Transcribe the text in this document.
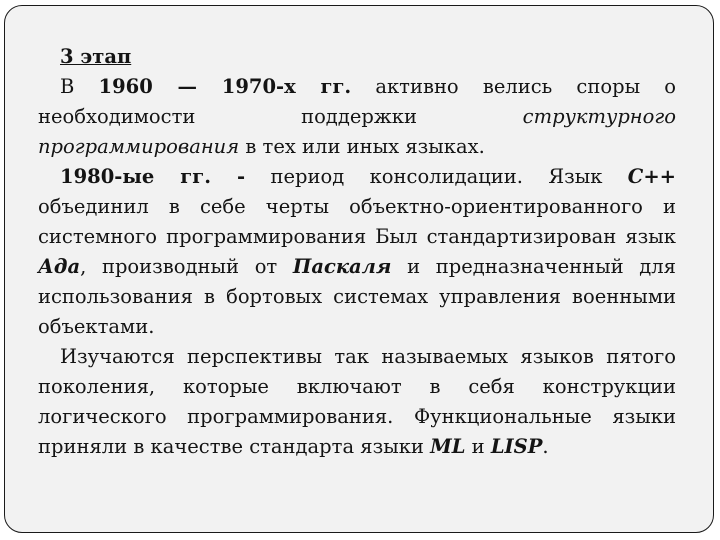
3 этап

В 1960 — 1970-х гг. активно велись споры о необходимости поддержки структурного программирования в тех или иных языках.

1980-ые гг. - период консолидации. Язык C++ объединил в себе черты объектно-ориентированного и системного программирования Был стандартизирован язык Ада, производный от Паскаля и предназначенный для использования в бортовых системах управления военными объектами.

Изучаются перспективы так называемых языков пятого поколения, которые включают в себя конструкции логического программирования. Функциональные языки приняли в качестве стандарта языки ML и LISP.
